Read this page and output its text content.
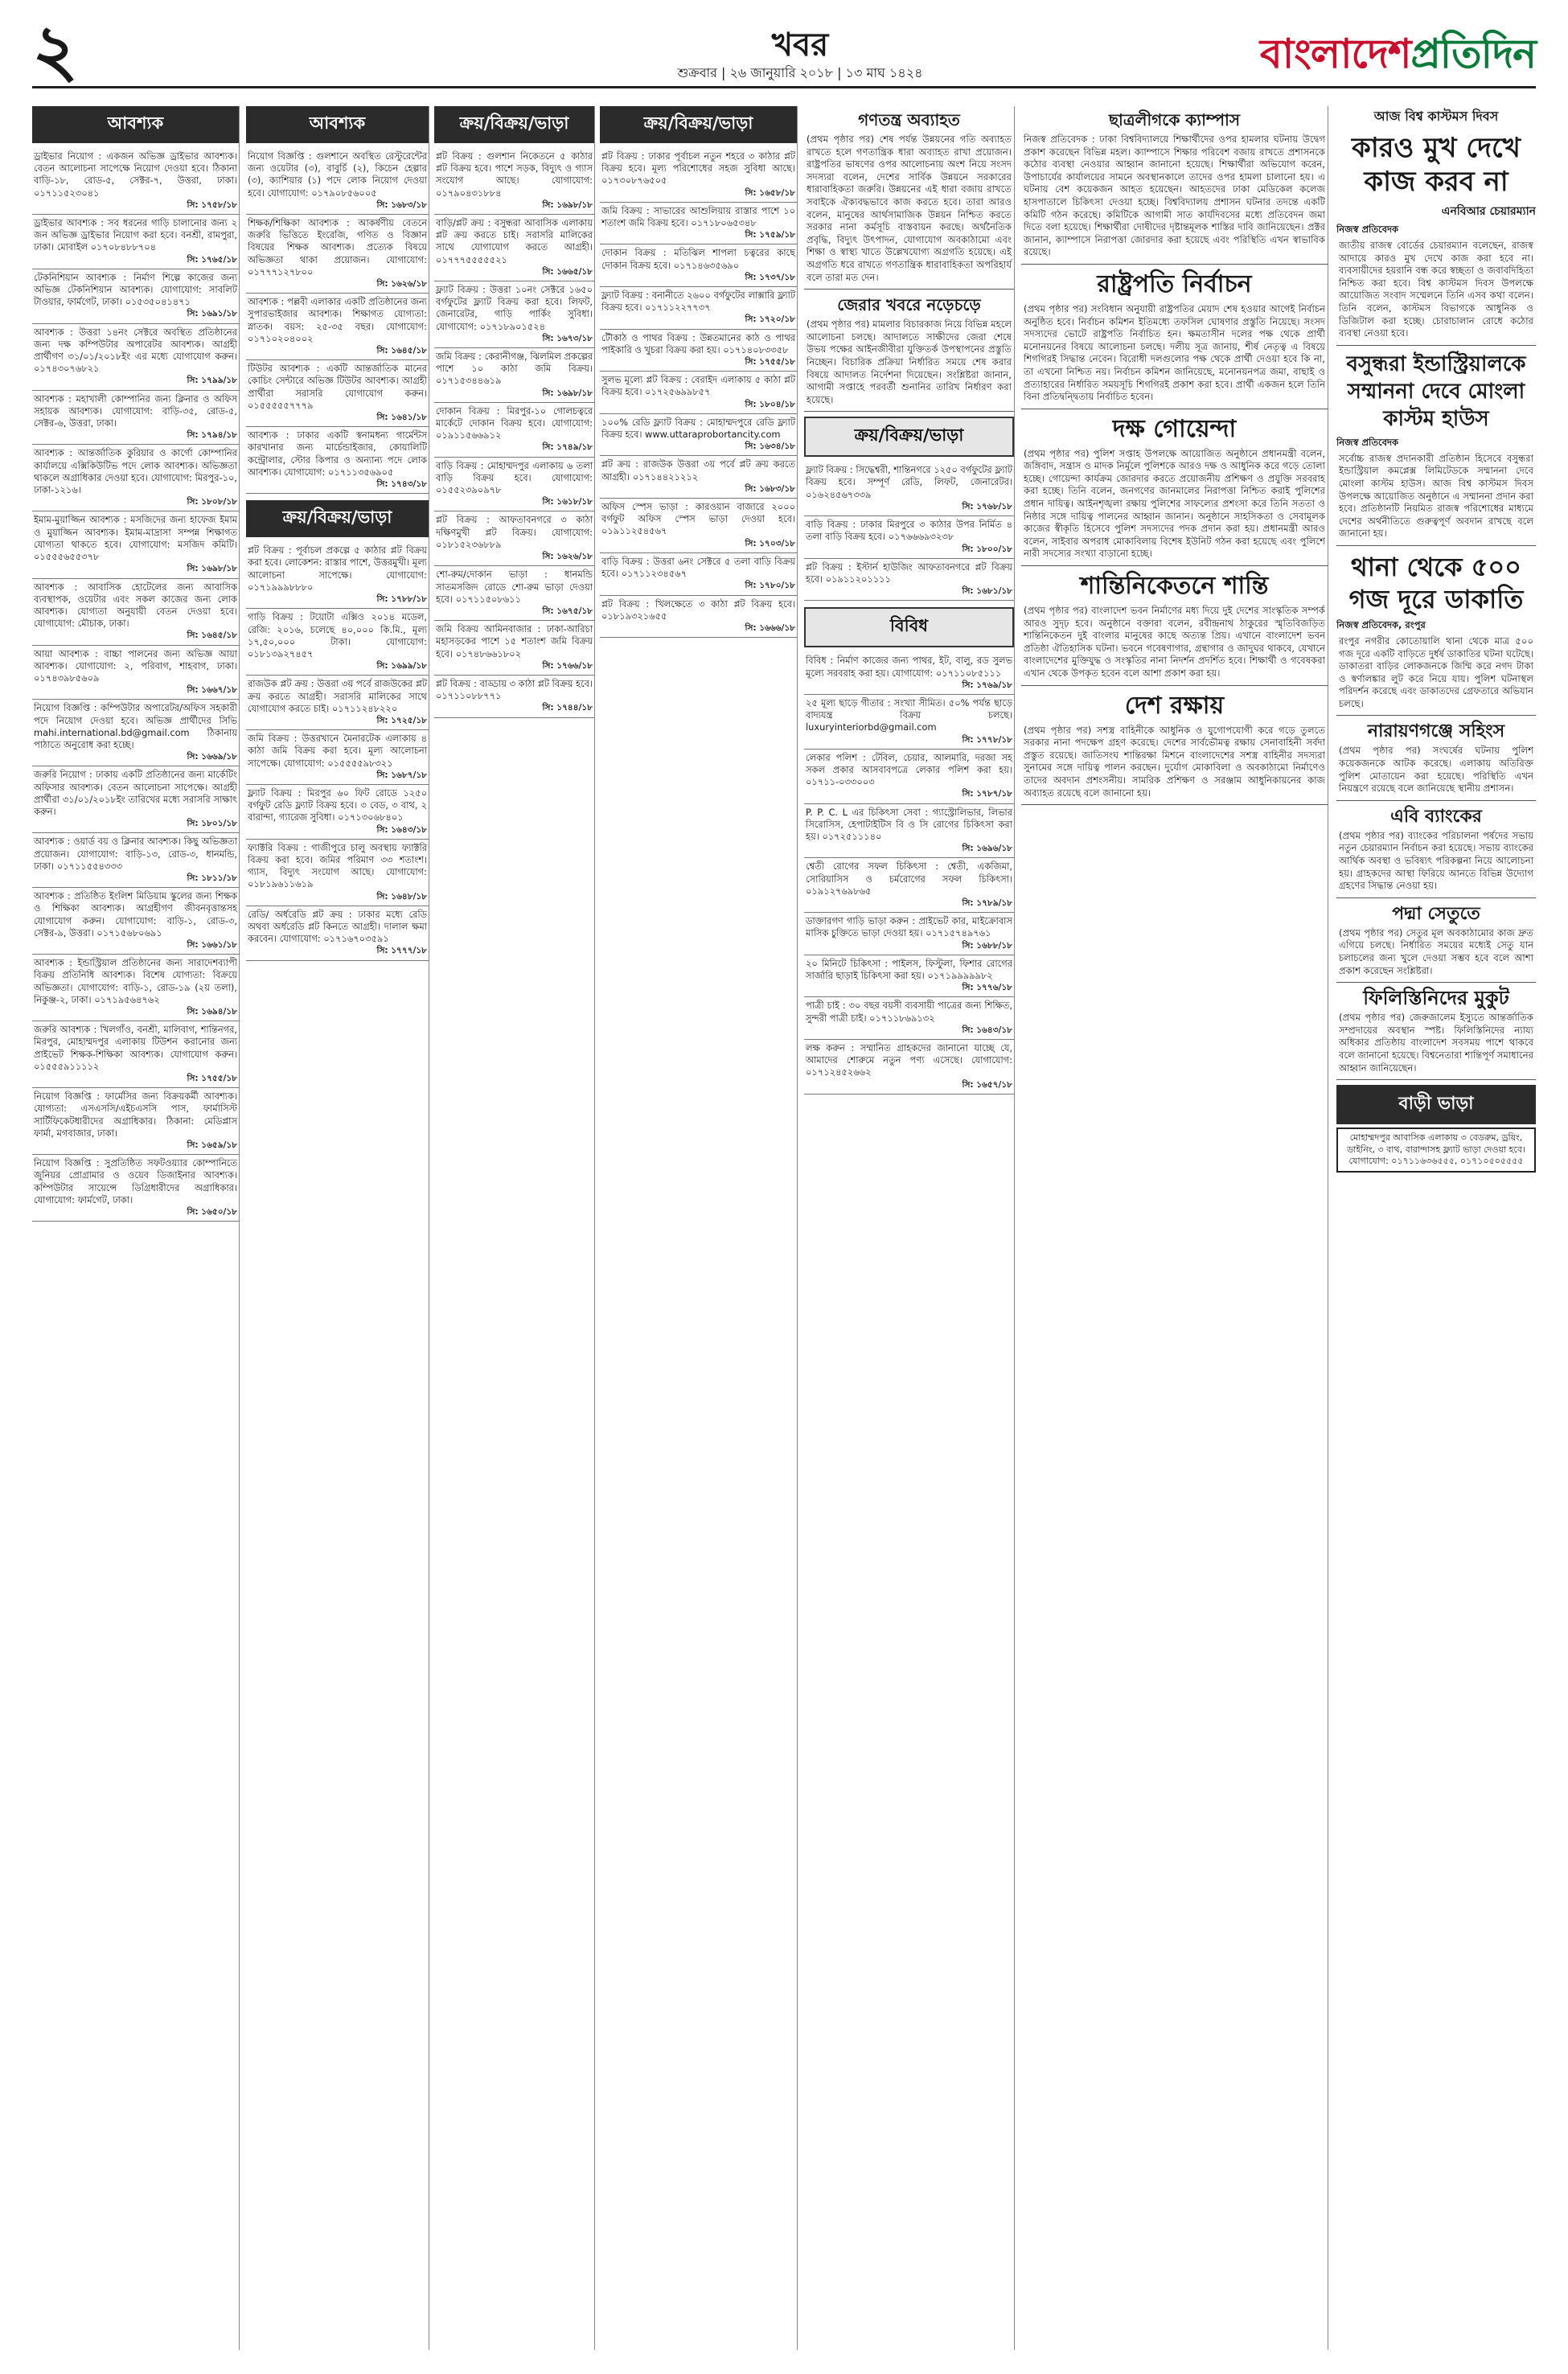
২	খবর
শুক্রবার | ২৬ জানুয়ারি ২০১৮ | ১৩ মাঘ ১৪২৪	বাংলাদেশপ্রতিদিন
আবশ্যক
ড্রাইভার নিয়োগ : একজন অভিজ্ঞ ড্রাইভার আবশ্যক। বেতন আলোচনা সাপেক্ষে নিয়োগ দেওয়া হবে। ঠিকানা বাড়ি-১৮, রোড-৫, সেক্টর-৭, উত্তরা, ঢাকা। ০১৭১১৫২৩০৪১
সি: ১৭৫৮/১৮
ড্রাইভার আবশ্যক : সব ধরনের গাড়ি চালানোর জন্য ২ জন অভিজ্ঞ ড্রাইভার নিয়োগ করা হবে। বনশ্রী, রামপুরা, ঢাকা। মোবাইল ০১৭০৮৪৮৮৭০৪
সি: ১৭৬৫/১৮
টেকনিশিয়ান আবশ্যক : নির্মাণ শিল্পে কাজের জন্য অভিজ্ঞ টেকনিশিয়ান আবশ্যক। যোগাযোগ: সাবলিট টাওয়ার, ফার্মগেট, ঢাকা। ০১৫৩৫০৪১৪৭১
সি: ১৬৯১/১৮
আবশ্যক : উত্তরা ১৪নং সেক্টরে অবস্থিত প্রতিষ্ঠানের জন্য দক্ষ কম্পিউটার অপারেটর আবশ্যক। আগ্রহী প্রার্থীগণ ৩১/০১/২০১৮ইং এর মধ্যে যোগাযোগ করুন। ০১৭৪৩০৭৬৮২১
সি: ১৭৯৯/১৮
আবশ্যক : মহাখালী কোম্পানির জন্য ক্লিনার ও অফিস সহায়ক আবশ্যক। যোগাযোগ: বাড়ি-৩৫, রোড-৫, সেক্টর-৬, উত্তরা, ঢাকা।
সি: ১৭৯৪/১৮
আবশ্যক : আন্তর্জাতিক কুরিয়ার ও কার্গো কোম্পানির কার্যালয়ে এক্সিকিউটিভ পদে লোক আবশ্যক। অভিজ্ঞতা থাকলে অগ্রাধিকার দেওয়া হবে। যোগাযোগ: মিরপুর-১০, ঢাকা-১২১৬।
সি: ১৮০৮/১৮
ইমাম-মুয়াজ্জিন আবশ্যক : মসজিদের জন্য হাফেজ ইমাম ও মুয়াজ্জিন আবশ্যক। ইমাম-মাদ্রাসা সম্পন্ন শিক্ষাগত যোগ্যতা থাকতে হবে। যোগাযোগ: মসজিদ কমিটি। ০১৫৫৫৬৫৫৩৭৮
সি: ১৬৯৮/১৮
আবশ্যক : আবাসিক হোটেলের জন্য আবাসিক ব্যবস্থাপক, ওয়েটার এবং সকল কাজের জন্য লোক আবশ্যক। যোগ্যতা অনুযায়ী বেতন দেওয়া হবে। যোগাযোগ: মৌচাক, ঢাকা।
সি: ১৬৪৫/১৮
আয়া আবশ্যক : বাচ্চা পালনের জন্য অভিজ্ঞ আয়া আবশ্যক। যোগাযোগ: ২, পরিবাগ, শাহবাগ, ঢাকা। ০১৭৪৩৯৮৫৬০৯
সি: ১৬৬৭/১৮
নিয়োগ বিজ্ঞপ্তি : কম্পিউটার অপারেটর/অফিস সহকারী পদে নিয়োগ দেওয়া হবে। অভিজ্ঞ প্রার্থীদের সিভি mahi.international.bd@gmail.com ঠিকানায় পাঠাতে অনুরোধ করা হচ্ছে।
সি: ১৬৬৯/১৮
জরুরি নিয়োগ : ঢাকায় একটি প্রতিষ্ঠানের জন্য মার্কেটিং অফিসার আবশ্যক। বেতন আলোচনা সাপেক্ষে। আগ্রহী প্রার্থীরা ৩১/০১/২০১৮ইং তারিখের মধ্যে সরাসরি সাক্ষাৎ করুন।
সি: ১৮০১/১৮
আবশ্যক : ওয়ার্ড বয় ও ক্লিনার আবশ্যক। কিছু অভিজ্ঞতা প্রয়োজন। যোগাযোগ: বাড়ি-১৩, রোড-৩, ধানমন্ডি, ঢাকা। ০১৭১১৫৫৪৩৩৩
সি: ১৮১১/১৮
আবশ্যক : প্রতিষ্ঠিত ইংলিশ মিডিয়াম স্কুলের জন্য শিক্ষক ও শিক্ষিকা আবশ্যক। আগ্রহীগণ জীবনবৃত্তান্তসহ যোগাযোগ করুন। যোগাযোগ: বাড়ি-১, রোড-৩, সেক্টর-৯, উত্তরা। ০১৭১৫৬৮০৬৯১
সি: ১৬৬১/১৮
আবশ্যক : ইন্ডাস্ট্রিয়াল প্রতিষ্ঠানের জন্য সারাদেশব্যাপী বিক্রয় প্রতিনিধি আবশ্যক। বিশেষ যোগ্যতা: বিক্রয়ে অভিজ্ঞতা। যোগাযোগ: বাড়ি-১, রোড-১৯ (২য় তলা), নিকুঞ্জ-২, ঢাকা। ০১৭১৯৫৬৪৭৬২
সি: ১৬৯৪/১৮
জরুরি আবশ্যক : খিলগাঁও, বনশ্রী, মালিবাগ, শান্তিনগর, মিরপুর, মোহাম্মদপুর এলাকায় টিউশন করানোর জন্য প্রাইভেট শিক্ষক-শিক্ষিকা আবশ্যক। যোগাযোগ করুন। ০১৫৫৫৯১১১১২
সি: ১৭৫৫/১৮
নিয়োগ বিজ্ঞপ্তি : ফার্মেসির জন্য বিক্রয়কর্মী আবশ্যক। যোগ্যতা: এসএসসি/এইচএসসি পাস, ফার্মাসিস্ট সার্টিফিকেটধারীদের অগ্রাধিকার। ঠিকানা: মেডিপ্লাস ফার্মা, মগবাজার, ঢাকা।
সি: ১৬৫৯/১৮
নিয়োগ বিজ্ঞপ্তি : সুপ্রতিষ্ঠিত সফটওয়্যার কোম্পানিতে জুনিয়র প্রোগ্রামার ও ওয়েব ডিজাইনার আবশ্যক। কম্পিউটার সায়েন্সে ডিগ্রিধারীদের অগ্রাধিকার। যোগাযোগ: ফার্মগেট, ঢাকা।
সি: ১৬৫০/১৮
আবশ্যক
নিয়োগ বিজ্ঞপ্তি : গুলশানে অবস্থিত রেস্টুরেন্টের জন্য ওয়েটার (৩), বাবুর্চি (২), কিচেন হেল্পার (৩), ক্যাশিয়ার (১) পদে লোক নিয়োগ দেওয়া হবে। যোগাযোগ: ০১৭৯০৮৫৬০০৫
সি: ১৬৮৩/১৮
শিক্ষক/শিক্ষিকা আবশ্যক : আকর্ষণীয় বেতনে জরুরি ভিত্তিতে ইংরেজি, গণিত ও বিজ্ঞান বিষয়ের শিক্ষক আবশ্যক। প্রত্যেক বিষয়ে অভিজ্ঞতা থাকা প্রয়োজন। যোগাযোগ: ০১৭৭৭১২৭৮০০
সি: ১৬২৬/১৮
আবশ্যক : পল্লবী এলাকার একটি প্রতিষ্ঠানের জন্য সুপারভাইজার আবশ্যক। শিক্ষাগত যোগ্যতা: স্নাতক। বয়স: ২৫-৩৫ বছর। যোগাযোগ: ০১৭১০২০৪০০২
সি: ১৬৪৫/১৮
টিউটর আবশ্যক : একটি আন্তর্জাতিক মানের কোচিং সেন্টারে অভিজ্ঞ টিউটর আবশ্যক। আগ্রহী প্রার্থীরা সরাসরি যোগাযোগ করুন। ০১৫৫৫৫৫৭৭৭৯
সি: ১৬৪১/১৮
আবশ্যক : ঢাকার একটি স্বনামধন্য গার্মেন্টস কারখানার জন্য মার্চেন্ডাইজার, কোয়ালিটি কন্ট্রোলার, স্টোর কিপার ও অন্যান্য পদে লোক আবশ্যক। যোগাযোগ: ০১৭১১৩৫৬৯০৫
সি: ১৭৪৩/১৮
ক্রয়/বিক্রয়/ভাড়া
প্লট বিক্রয় : পূর্বাচল প্রকল্পে ৫ কাঠার প্লট বিক্রয় করা হবে। লোকেশন: রাস্তার পাশে, উত্তরমুখী। মূল্য আলোচনা সাপেক্ষে। যোগাযোগ: ০১৭১৯৯৯৮৮৮০
সি: ১৭৮৮/১৮
গাড়ি বিক্রয় : টয়োটা এক্সিও ২০১৪ মডেল, রেজি: ২০১৬, চলেছে ৪০,০০০ কি.মি., মূল্য ১৭,৫০,০০০ টাকা। যোগাযোগ: ০১৮১৩৯২৭৪৫৭
সি: ১৬৯৯/১৮
রাজউক প্লট ক্রয় : উত্তরা ৩য় পর্বে রাজউকের প্লট ক্রয় করতে আগ্রহী। সরাসরি মালিকের সাথে যোগাযোগ করতে চাই। ০১৭১১২৪৮২২০
সি: ১৭২৫/১৮
জমি বিক্রয় : উত্তরখানে মৈনারটেক এলাকায় ৪ কাঠা জমি বিক্রয় করা হবে। মূল্য আলোচনা সাপেক্ষে। যোগাযোগ: ০১৫৫৫৫৯৮৩২১
সি: ১৬৮৭/১৮
ফ্ল্যাট বিক্রয় : মিরপুর ৬০ ফিট রোডে ১২৫০ বর্গফুট রেডি ফ্ল্যাট বিক্রয় হবে। ৩ বেড, ৩ বাথ, ২ বারান্দা, গ্যারেজ সুবিধা। ০১৭১৩০৬৮৪০১
সি: ১৬৪৩/১৮
ফ্যাক্টরি বিক্রয় : গাজীপুরে চালু অবস্থায় ফ্যাক্টরি বিক্রয় করা হবে। জমির পরিমাণ ৩৩ শতাংশ। গ্যাস, বিদ্যুৎ সংযোগ আছে। যোগাযোগ: ০১৮১৯৬১১৬১৯
সি: ১৬৪৮/১৮
রেডি/ অর্ধরেডি প্লট ক্রয় : ঢাকার মধ্যে রেডি অথবা অর্ধরেডি প্লট কিনতে আগ্রহী। দালাল ক্ষমা করবেন। যোগাযোগ: ০১৭১৬৭০৩৫৯১
সি: ১৭৭৭/১৮
ক্রয়/বিক্রয়/ভাড়া
প্লট বিক্রয় : গুলশান নিকেতনে ৫ কাঠার প্লট বিক্রয় হবে। পাশে সড়ক, বিদ্যুৎ ও গ্যাস সংযোগ আছে। যোগাযোগ: ০১৭৯০৪৩১৮৮৪
সি: ১৬৯৮/১৮
বাড়ি/প্লট ক্রয় : বসুন্ধরা আবাসিক এলাকায় প্লট ক্রয় করতে চাই। সরাসরি মালিকের সাথে যোগাযোগ করতে আগ্রহী। ০১৭৭৭৫৫৫৫৫২১
সি: ১৬৬৫/১৮
ফ্ল্যাট বিক্রয় : উত্তরা ১০নং সেক্টরে ১৬৫০ বর্গফুটের ফ্ল্যাট বিক্রয় করা হবে। লিফট, জেনারেটর, গাড়ি পার্কিং সুবিধা। যোগাযোগ: ০১৭১৮৯০১৫২৪
সি: ১৬৭৩/১৮
জমি বিক্রয় : কেরানীগঞ্জ, ঝিলমিল প্রকল্পের পাশে ১০ কাঠা জমি বিক্রয়। ০১৭১৫৩৪৪৬১৯
সি: ১৬৯৮/১৮
দোকান বিক্রয় : মিরপুর-১০ গোলচত্বরে মার্কেটে দোকান বিক্রয় হবে। যোগাযোগ: ০১৯১১৫৬৬৯১২
সি: ১৭৪৯/১৮
বাড়ি বিক্রয় : মোহাম্মদপুর এলাকায় ৬ তলা বাড়ি বিক্রয় হবে। যোগাযোগ: ০১৫৫২৩৯০৯৭৮
সি: ১৬১৮/১৮
প্লট বিক্রয় : আফতাবনগরে ৩ কাঠা দক্ষিণমুখী প্লট বিক্রয়। যোগাযোগ: ০১৮১৫২৩৬৮৮৯
সি: ১৬২৬/১৮
শো-রুম/দোকান ভাড়া : ধানমন্ডি সাতমসজিদ রোডে শো-রুম ভাড়া দেওয়া হবে। ০১৭১১৫০৮৬১১
সি: ১৬৭৫/১৮
জমি বিক্রয় আমিনবাজার : ঢাকা-আরিচা মহাসড়কের পাশে ১৫ শতাংশ জমি বিক্রয় হবে। ০১৭৪৮৬৬১৮০২
সি: ১৭৬৬/১৮
প্লট বিক্রয় : বাড্ডায় ৩ কাঠা প্লট বিক্রয় হবে। ০১৭১১০৮৮৭৭১
সি: ১৭৪৪/১৮
ক্রয়/বিক্রয়/ভাড়া
প্লট বিক্রয় : ঢাকার পূর্বাচল নতুন শহরে ৩ কাঠার প্লট বিক্রয় হবে। মূল্য পরিশোধের সহজ সুবিধা আছে। ০১৭৩০৮৭৬৫০৫
সি: ১৬৫৮/১৮
জমি বিক্রয় : সাভারের আশুলিয়ায় রাস্তার পাশে ১০ শতাংশ জমি বিক্রয় হবে। ০১৭১৮০৬৫৩৪৮
সি: ১৭৫৯/১৮
দোকান বিক্রয় : মতিঝিল শাপলা চত্বরের কাছে দোকান বিক্রয় হবে। ০১৭১৪৬৩৫৬৯০
সি: ১৭৩৭/১৮
ফ্ল্যাট বিক্রয় : বনানীতে ২৬০০ বর্গফুটের লাক্সারি ফ্ল্যাট বিক্রয় হবে। ০১৭১১২২৭৭৩৭
সি: ১৭২০/১৮
টৌকাঠ ও পাথর বিক্রয় : উন্নতমানের কাঠ ও পাথর পাইকারি ও খুচরা বিক্রয় করা হয়। ০১৭১৪০৮৩৩৫৮
সি: ১৭৫৫/১৮
সুলভ মূল্যে প্লট বিক্রয় : বেরাইদ এলাকায় ৫ কাঠা প্লট বিক্রয় হবে। ০১৭২৫৬৯৯৮৫৭
সি: ১৮০৪/১৮
১০০% রেডি ফ্ল্যাট বিক্রয় : মোহাম্মদপুরে রেডি ফ্ল্যাট বিক্রয় হবে। www.uttaraprobortancity.com
সি: ১৬৩৪/১৮
প্লট ক্রয় : রাজউক উত্তরা ৩য় পর্বে প্লট ক্রয় করতে আগ্রহী। ০১৭১৪৪২১২১২
সি: ১৬৮৩/১৮
অফিস স্পেস ভাড়া : কারওয়ান বাজারে ২০০০ বর্গফুট অফিস স্পেস ভাড়া দেওয়া হবে। ০১৯১১২৫৪৫৬৭
সি: ১৭০৩/১৮
বাড়ি বিক্রয় : উত্তরা ৬নং সেক্টরে ৫ তলা বাড়ি বিক্রয় হবে। ০১৭১১২৩৪৫৬৭
সি: ১৭৮০/১৮
প্লট বিক্রয় : খিলক্ষেতে ৩ কাঠা প্লট বিক্রয় হবে। ০১৮১৯৩২১৬৫৫
সি: ১৬৬৬/১৮
গণতন্ত্র অব্যাহত
(প্রথম পৃষ্ঠার পর) শেষ পর্যন্ত উন্নয়নের গতি অব্যাহত রাখতে হলে গণতান্ত্রিক ধারা অব্যাহত রাখা প্রয়োজন। রাষ্ট্রপতির ভাষণের ওপর আলোচনায় অংশ নিয়ে সংসদ সদস্যরা বলেন, দেশের সার্বিক উন্নয়নে সরকারের ধারাবাহিকতা জরুরি। উন্নয়নের এই ধারা বজায় রাখতে সবাইকে ঐক্যবদ্ধভাবে কাজ করতে হবে। তারা আরও বলেন, মানুষের আর্থসামাজিক উন্নয়ন নিশ্চিত করতে সরকার নানা কর্মসূচি বাস্তবায়ন করছে। অর্থনৈতিক প্রবৃদ্ধি, বিদ্যুৎ উৎপাদন, যোগাযোগ অবকাঠামো এবং শিক্ষা ও স্বাস্থ্য খাতে উল্লেখযোগ্য অগ্রগতি হয়েছে। এই অগ্রগতি ধরে রাখতে গণতান্ত্রিক ধারাবাহিকতা অপরিহার্য বলে তারা মত দেন।
জেরার খবরে নড়েচড়ে
(প্রথম পৃষ্ঠার পর) মামলার বিচারকাজ নিয়ে বিভিন্ন মহলে আলোচনা চলছে। আদালতে সাক্ষীদের জেরা শেষে উভয় পক্ষের আইনজীবীরা যুক্তিতর্ক উপস্থাপনের প্রস্তুতি নিচ্ছেন। বিচারিক প্রক্রিয়া নির্ধারিত সময়ে শেষ করার বিষয়ে আদালত নির্দেশনা দিয়েছেন। সংশ্লিষ্টরা জানান, আগামী সপ্তাহে পরবর্তী শুনানির তারিখ নির্ধারণ করা হয়েছে।
ক্রয়/বিক্রয়/ভাড়া
ফ্ল্যাট বিক্রয় : সিদ্ধেশ্বরী, শান্তিনগরে ১২৫০ বর্গফুটের ফ্ল্যাট বিক্রয় হবে। সম্পূর্ণ রেডি, লিফট, জেনারেটর। ০১৬২৪৫৬৭৩৩৯
সি: ১৭৬৮/১৮
বাড়ি বিক্রয় : ঢাকার মিরপুরে ৩ কাঠার উপর নির্মিত ৪ তলা বাড়ি বিক্রয় হবে। ০১৭৬৬৬৯৩২৩৮
সি: ১৮০০/১৮
প্লট বিক্রয় : ইস্টার্ন হাউজিং আফতাবনগরে প্লট বিক্রয় হবে। ০১৯১১২০১১১১
সি: ১৬৮১/১৮
বিবিধ
বিবিধ : নির্মাণ কাজের জন্য পাথর, ইট, বালু, রড সুলভ মূল্যে সরবরাহ করা হয়। যোগাযোগ: ০১৭১১০৮৫১১১
সি: ১৭৬৯/১৮
২৫ মূল্য ছাড়ে গীতার : সংখ্যা সীমিত। ৫০% পর্যন্ত ছাড়ে বাদ্যযন্ত্র বিক্রয় চলছে। luxuryinteriorbd@gmail.com
সি: ১৭৭৮/১৮
লেকার পলিশ : টেবিল, চেয়ার, আলমারি, দরজা সহ সকল প্রকার আসবাবপত্রে লেকার পলিশ করা হয়। ০১৭১১-০৩৩০০৩
সি: ১৭৮৭/১৮
P. P. C. L এর চিকিৎসা সেবা : গ্যাস্ট্রোলিভার, লিভার সিরোসিস, হেপাটাইটিস বি ও সি রোগের চিকিৎসা করা হয়। ০১৭২৫১১১৪০
সি: ১৬৯৬/১৮
শ্বেতী রোগের সফল চিকিৎসা : শ্বেতী, একজিমা, সোরিয়াসিস ও চর্মরোগের সফল চিকিৎসা। ০১৯১২৭৬৯৮৬৫
সি: ১৭৮৯/১৮
ডাক্তারগণ গাড়ি ভাড়া করুন : প্রাইভেট কার, মাইক্রোবাস মাসিক চুক্তিতে ভাড়া দেওয়া হয়। ০১৭১৫৭৪৯৭৬১
সি: ১৬৮৮/১৮
২০ মিনিটে চিকিৎসা : পাইলস, ফিস্টুলা, ফিশার রোগের সার্জারি ছাড়াই চিকিৎসা করা হয়। ০১৭১৯৯৯৯৯৮২
সি: ১৭৭৬/১৮
পাত্রী চাই : ৩০ বছর বয়সী ব্যবসায়ী পাত্রের জন্য শিক্ষিত, সুন্দরী পাত্রী চাই। ০১৭১১৮৬৯১৩২
সি: ১৬৪৩/১৮
লক্ষ করুন : সম্মানিত গ্রাহকদের জানানো যাচ্ছে যে, আমাদের শোরুমে নতুন পণ্য এসেছে। যোগাযোগ: ০১৭১২৪৫২৬৬২
সি: ১৬৫৭/১৮
ছাত্রলীগকে ক্যাম্পাস
নিজস্ব প্রতিবেদক : ঢাকা বিশ্ববিদ্যালয়ে শিক্ষার্থীদের ওপর হামলার ঘটনায় উদ্বেগ প্রকাশ করেছেন বিভিন্ন মহল। ক্যাম্পাসে শিক্ষার পরিবেশ বজায় রাখতে প্রশাসনকে কঠোর ব্যবস্থা নেওয়ার আহ্বান জানানো হয়েছে। শিক্ষার্থীরা অভিযোগ করেন, উপাচার্যের কার্যালয়ের সামনে অবস্থানকালে তাদের ওপর হামলা চালানো হয়। এ ঘটনায় বেশ কয়েকজন আহত হয়েছেন। আহতদের ঢাকা মেডিকেল কলেজ হাসপাতালে চিকিৎসা দেওয়া হচ্ছে। বিশ্ববিদ্যালয় প্রশাসন ঘটনার তদন্তে একটি কমিটি গঠন করেছে। কমিটিকে আগামী সাত কার্যদিবসের মধ্যে প্রতিবেদন জমা দিতে বলা হয়েছে। শিক্ষার্থীরা দোষীদের দৃষ্টান্তমূলক শাস্তির দাবি জানিয়েছেন। প্রক্টর জানান, ক্যাম্পাসে নিরাপত্তা জোরদার করা হয়েছে এবং পরিস্থিতি এখন স্বাভাবিক রয়েছে।
রাষ্ট্রপতি নির্বাচন
(প্রথম পৃষ্ঠার পর) সংবিধান অনুযায়ী রাষ্ট্রপতির মেয়াদ শেষ হওয়ার আগেই নির্বাচন অনুষ্ঠিত হবে। নির্বাচন কমিশন ইতিমধ্যে তফসিল ঘোষণার প্রস্তুতি নিয়েছে। সংসদ সদস্যদের ভোটে রাষ্ট্রপতি নির্বাচিত হন। ক্ষমতাসীন দলের পক্ষ থেকে প্রার্থী মনোনয়নের বিষয়ে আলোচনা চলছে। দলীয় সূত্র জানায়, শীর্ষ নেতৃত্ব এ বিষয়ে শিগগিরই সিদ্ধান্ত নেবেন। বিরোধী দলগুলোর পক্ষ থেকে প্রার্থী দেওয়া হবে কি না, তা এখনো নিশ্চিত নয়। নির্বাচন কমিশন জানিয়েছে, মনোনয়নপত্র জমা, বাছাই ও প্রত্যাহারের নির্ধারিত সময়সূচি শিগগিরই প্রকাশ করা হবে। প্রার্থী একজন হলে তিনি বিনা প্রতিদ্বন্দ্বিতায় নির্বাচিত হবেন।
দক্ষ গোয়েন্দা
(প্রথম পৃষ্ঠার পর) পুলিশ সপ্তাহ উপলক্ষে আয়োজিত অনুষ্ঠানে প্রধানমন্ত্রী বলেন, জঙ্গিবাদ, সন্ত্রাস ও মাদক নির্মূলে পুলিশকে আরও দক্ষ ও আধুনিক করে গড়ে তোলা হচ্ছে। গোয়েন্দা কার্যক্রম জোরদার করতে প্রয়োজনীয় প্রশিক্ষণ ও প্রযুক্তি সরবরাহ করা হচ্ছে। তিনি বলেন, জনগণের জানমালের নিরাপত্তা নিশ্চিত করাই পুলিশের প্রধান দায়িত্ব। আইনশৃঙ্খলা রক্ষায় পুলিশের সাফল্যের প্রশংসা করে তিনি সততা ও নিষ্ঠার সঙ্গে দায়িত্ব পালনের আহ্বান জানান। অনুষ্ঠানে সাহসিকতা ও সেবামূলক কাজের স্বীকৃতি হিসেবে পুলিশ সদস্যদের পদক প্রদান করা হয়। প্রধানমন্ত্রী আরও বলেন, সাইবার অপরাধ মোকাবিলায় বিশেষ ইউনিট গঠন করা হয়েছে এবং পুলিশে নারী সদস্যের সংখ্যা বাড়ানো হচ্ছে।
শান্তিনিকেতনে শান্তি
(প্রথম পৃষ্ঠার পর) বাংলাদেশ ভবন নির্মাণের মধ্য দিয়ে দুই দেশের সাংস্কৃতিক সম্পর্ক আরও সুদৃঢ় হবে। অনুষ্ঠানে বক্তারা বলেন, রবীন্দ্রনাথ ঠাকুরের স্মৃতিবিজড়িত শান্তিনিকেতন দুই বাংলার মানুষের কাছে অত্যন্ত প্রিয়। এখানে বাংলাদেশ ভবন প্রতিষ্ঠা ঐতিহাসিক ঘটনা। ভবনে গবেষণাগার, গ্রন্থাগার ও জাদুঘর থাকবে, যেখানে বাংলাদেশের মুক্তিযুদ্ধ ও সংস্কৃতির নানা নিদর্শন প্রদর্শিত হবে। শিক্ষার্থী ও গবেষকরা এখান থেকে উপকৃত হবেন বলে আশা প্রকাশ করা হয়।
দেশ রক্ষায়
(প্রথম পৃষ্ঠার পর) সশস্ত্র বাহিনীকে আধুনিক ও যুগোপযোগী করে গড়ে তুলতে সরকার নানা পদক্ষেপ গ্রহণ করেছে। দেশের সার্বভৌমত্ব রক্ষায় সেনাবাহিনী সর্বদা প্রস্তুত রয়েছে। জাতিসংঘ শান্তিরক্ষা মিশনে বাংলাদেশের সশস্ত্র বাহিনীর সদস্যরা সুনামের সঙ্গে দায়িত্ব পালন করছেন। দুর্যোগ মোকাবিলা ও অবকাঠামো নির্মাণেও তাদের অবদান প্রশংসনীয়। সামরিক প্রশিক্ষণ ও সরঞ্জাম আধুনিকায়নের কাজ অব্যাহত রয়েছে বলে জানানো হয়।
আজ বিশ্ব কাস্টমস দিবস
কারও মুখ দেখে কাজ করব না
এনবিআর চেয়ারম্যান
নিজস্ব প্রতিবেদক
জাতীয় রাজস্ব বোর্ডের চেয়ারম্যান বলেছেন, রাজস্ব আদায়ে কারও মুখ দেখে কাজ করা হবে না। ব্যবসায়ীদের হয়রানি বন্ধ করে স্বচ্ছতা ও জবাবদিহিতা নিশ্চিত করা হবে। বিশ্ব কাস্টমস দিবস উপলক্ষে আয়োজিত সংবাদ সম্মেলনে তিনি এসব কথা বলেন। তিনি বলেন, কাস্টমস বিভাগকে আধুনিক ও ডিজিটাল করা হচ্ছে। চোরাচালান রোধে কঠোর ব্যবস্থা নেওয়া হবে।
বসুন্ধরা ইন্ডাস্ট্রিয়ালকে সম্মাননা দেবে মোংলা কাস্টম হাউস
নিজস্ব প্রতিবেদক
সর্বোচ্চ রাজস্ব প্রদানকারী প্রতিষ্ঠান হিসেবে বসুন্ধরা ইন্ডাস্ট্রিয়াল কমপ্লেক্স লিমিটেডকে সম্মাননা দেবে মোংলা কাস্টম হাউস। আজ বিশ্ব কাস্টমস দিবস উপলক্ষে আয়োজিত অনুষ্ঠানে এ সম্মাননা প্রদান করা হবে। প্রতিষ্ঠানটি নিয়মিত রাজস্ব পরিশোধের মাধ্যমে দেশের অর্থনীতিতে গুরুত্বপূর্ণ অবদান রাখছে বলে জানানো হয়।
থানা থেকে ৫০০ গজ দূরে ডাকাতি
নিজস্ব প্রতিবেদক, রংপুর
রংপুর নগরীর কোতোয়ালি থানা থেকে মাত্র ৫০০ গজ দূরে একটি বাড়িতে দুর্ধর্ষ ডাকাতির ঘটনা ঘটেছে। ডাকাতরা বাড়ির লোকজনকে জিম্মি করে নগদ টাকা ও স্বর্ণালঙ্কার লুট করে নিয়ে যায়। পুলিশ ঘটনাস্থল পরিদর্শন করেছে এবং ডাকাতদের গ্রেফতারে অভিযান চলছে।
নারায়ণগঞ্জে সহিংস
(প্রথম পৃষ্ঠার পর) সংঘর্ষের ঘটনায় পুলিশ কয়েকজনকে আটক করেছে। এলাকায় অতিরিক্ত পুলিশ মোতায়েন করা হয়েছে। পরিস্থিতি এখন নিয়ন্ত্রণে রয়েছে বলে জানিয়েছে স্থানীয় প্রশাসন।
এবি ব্যাংকের
(প্রথম পৃষ্ঠার পর) ব্যাংকের পরিচালনা পর্ষদের সভায় নতুন চেয়ারম্যান নির্বাচন করা হয়েছে। সভায় ব্যাংকের আর্থিক অবস্থা ও ভবিষ্যৎ পরিকল্পনা নিয়ে আলোচনা হয়। গ্রাহকদের আস্থা ফিরিয়ে আনতে বিভিন্ন উদ্যোগ গ্রহণের সিদ্ধান্ত নেওয়া হয়।
পদ্মা সেতুতে
(প্রথম পৃষ্ঠার পর) সেতুর মূল অবকাঠামোর কাজ দ্রুত এগিয়ে চলছে। নির্ধারিত সময়ের মধ্যেই সেতু যান চলাচলের জন্য খুলে দেওয়া সম্ভব হবে বলে আশা প্রকাশ করেছেন সংশ্লিষ্টরা।
ফিলিস্তিনিদের মুকুট
(প্রথম পৃষ্ঠার পর) জেরুজালেম ইস্যুতে আন্তর্জাতিক সম্প্রদায়ের অবস্থান স্পষ্ট। ফিলিস্তিনিদের ন্যায্য অধিকার প্রতিষ্ঠায় বাংলাদেশ সবসময় পাশে থাকবে বলে জানানো হয়েছে। বিশ্বনেতারা শান্তিপূর্ণ সমাধানের আহ্বান জানিয়েছেন।
বাড়ী ভাড়া
মোহাম্মদপুর আবাসিক এলাকায় ৩ বেডরুম, ড্রয়িং, ডাইনিং, ৩ বাথ, বারান্দাসহ ফ্ল্যাট ভাড়া দেওয়া হবে। যোগাযোগ: ০১৭১১৬৩৬৫৫৫, ০১৭১০৫০৫৫৫৫
